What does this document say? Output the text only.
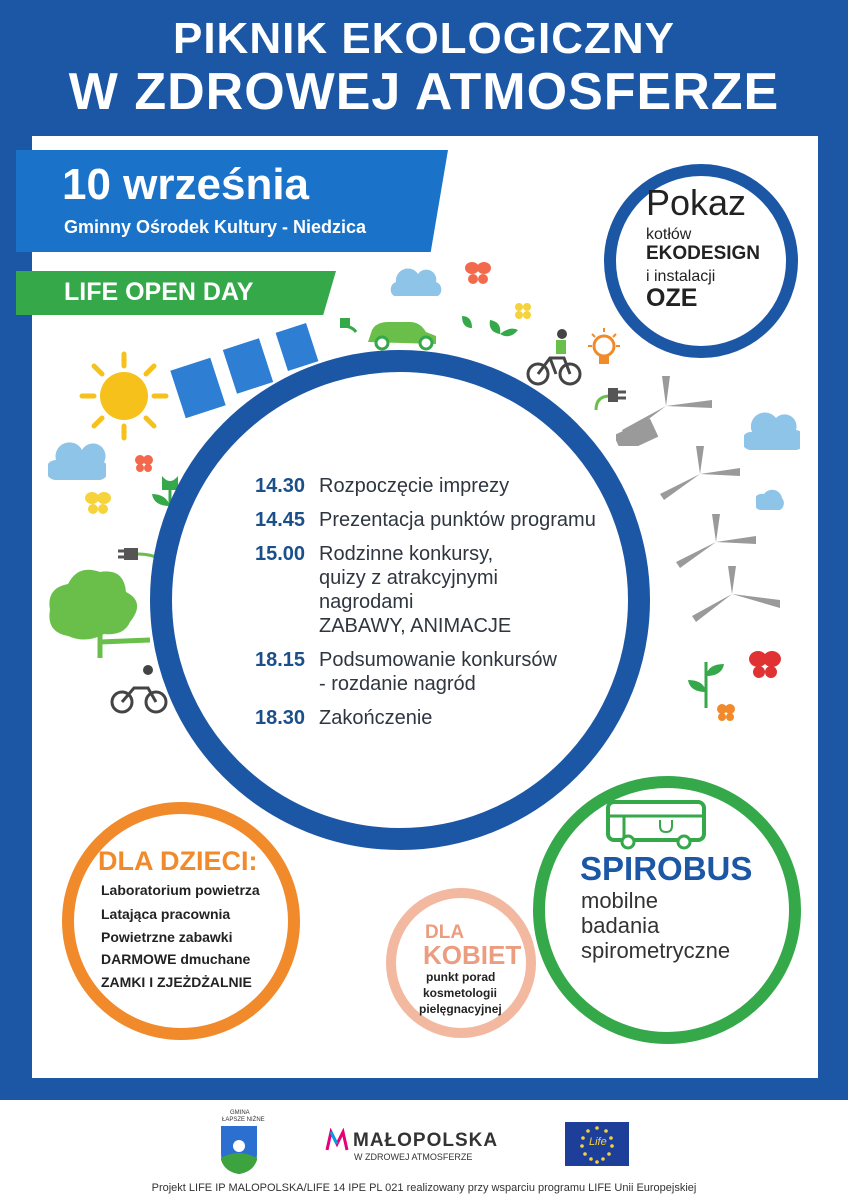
PIKNIK EKOLOGICZNY
W ZDROWEJ ATMOSFERZE
10 września
Gminny Ośrodek Kultury - Niedzica
LIFE OPEN DAY
14.30 Rozpoczęcie imprezy
14.45 Prezentacja punktów programu
15.00 Rodzinne konkursy,
quizy z atrakcyjnymi
nagrodami
ZABAWY, ANIMACJE
18.15 Podsumowanie konkursów
- rozdanie nagród
18.30 Zakończenie
Pokaz
kotłów
EKODESIGN
i instalacji
OZE
DLA DZIECI:
Laboratorium powietrza
Latająca pracownia
Powietrzne zabawki
DARMOWE dmuchane
ZAMKI I ZJEŻDŻALNIE
DLA
KOBIET
punkt porad
kosmetologii
pielęgnacyjnej
SPIROBUS
mobilne
badania
spirometryczne
GMINA
ŁAPSZE NIŻNE
MAŁOPOLSKA
W ZDROWEJ ATMOSFERZE
Life
Projekt LIFE IP MALOPOLSKA/LIFE 14 IPE PL 021 realizowany przy wsparciu programu LIFE Unii Europejskiej
